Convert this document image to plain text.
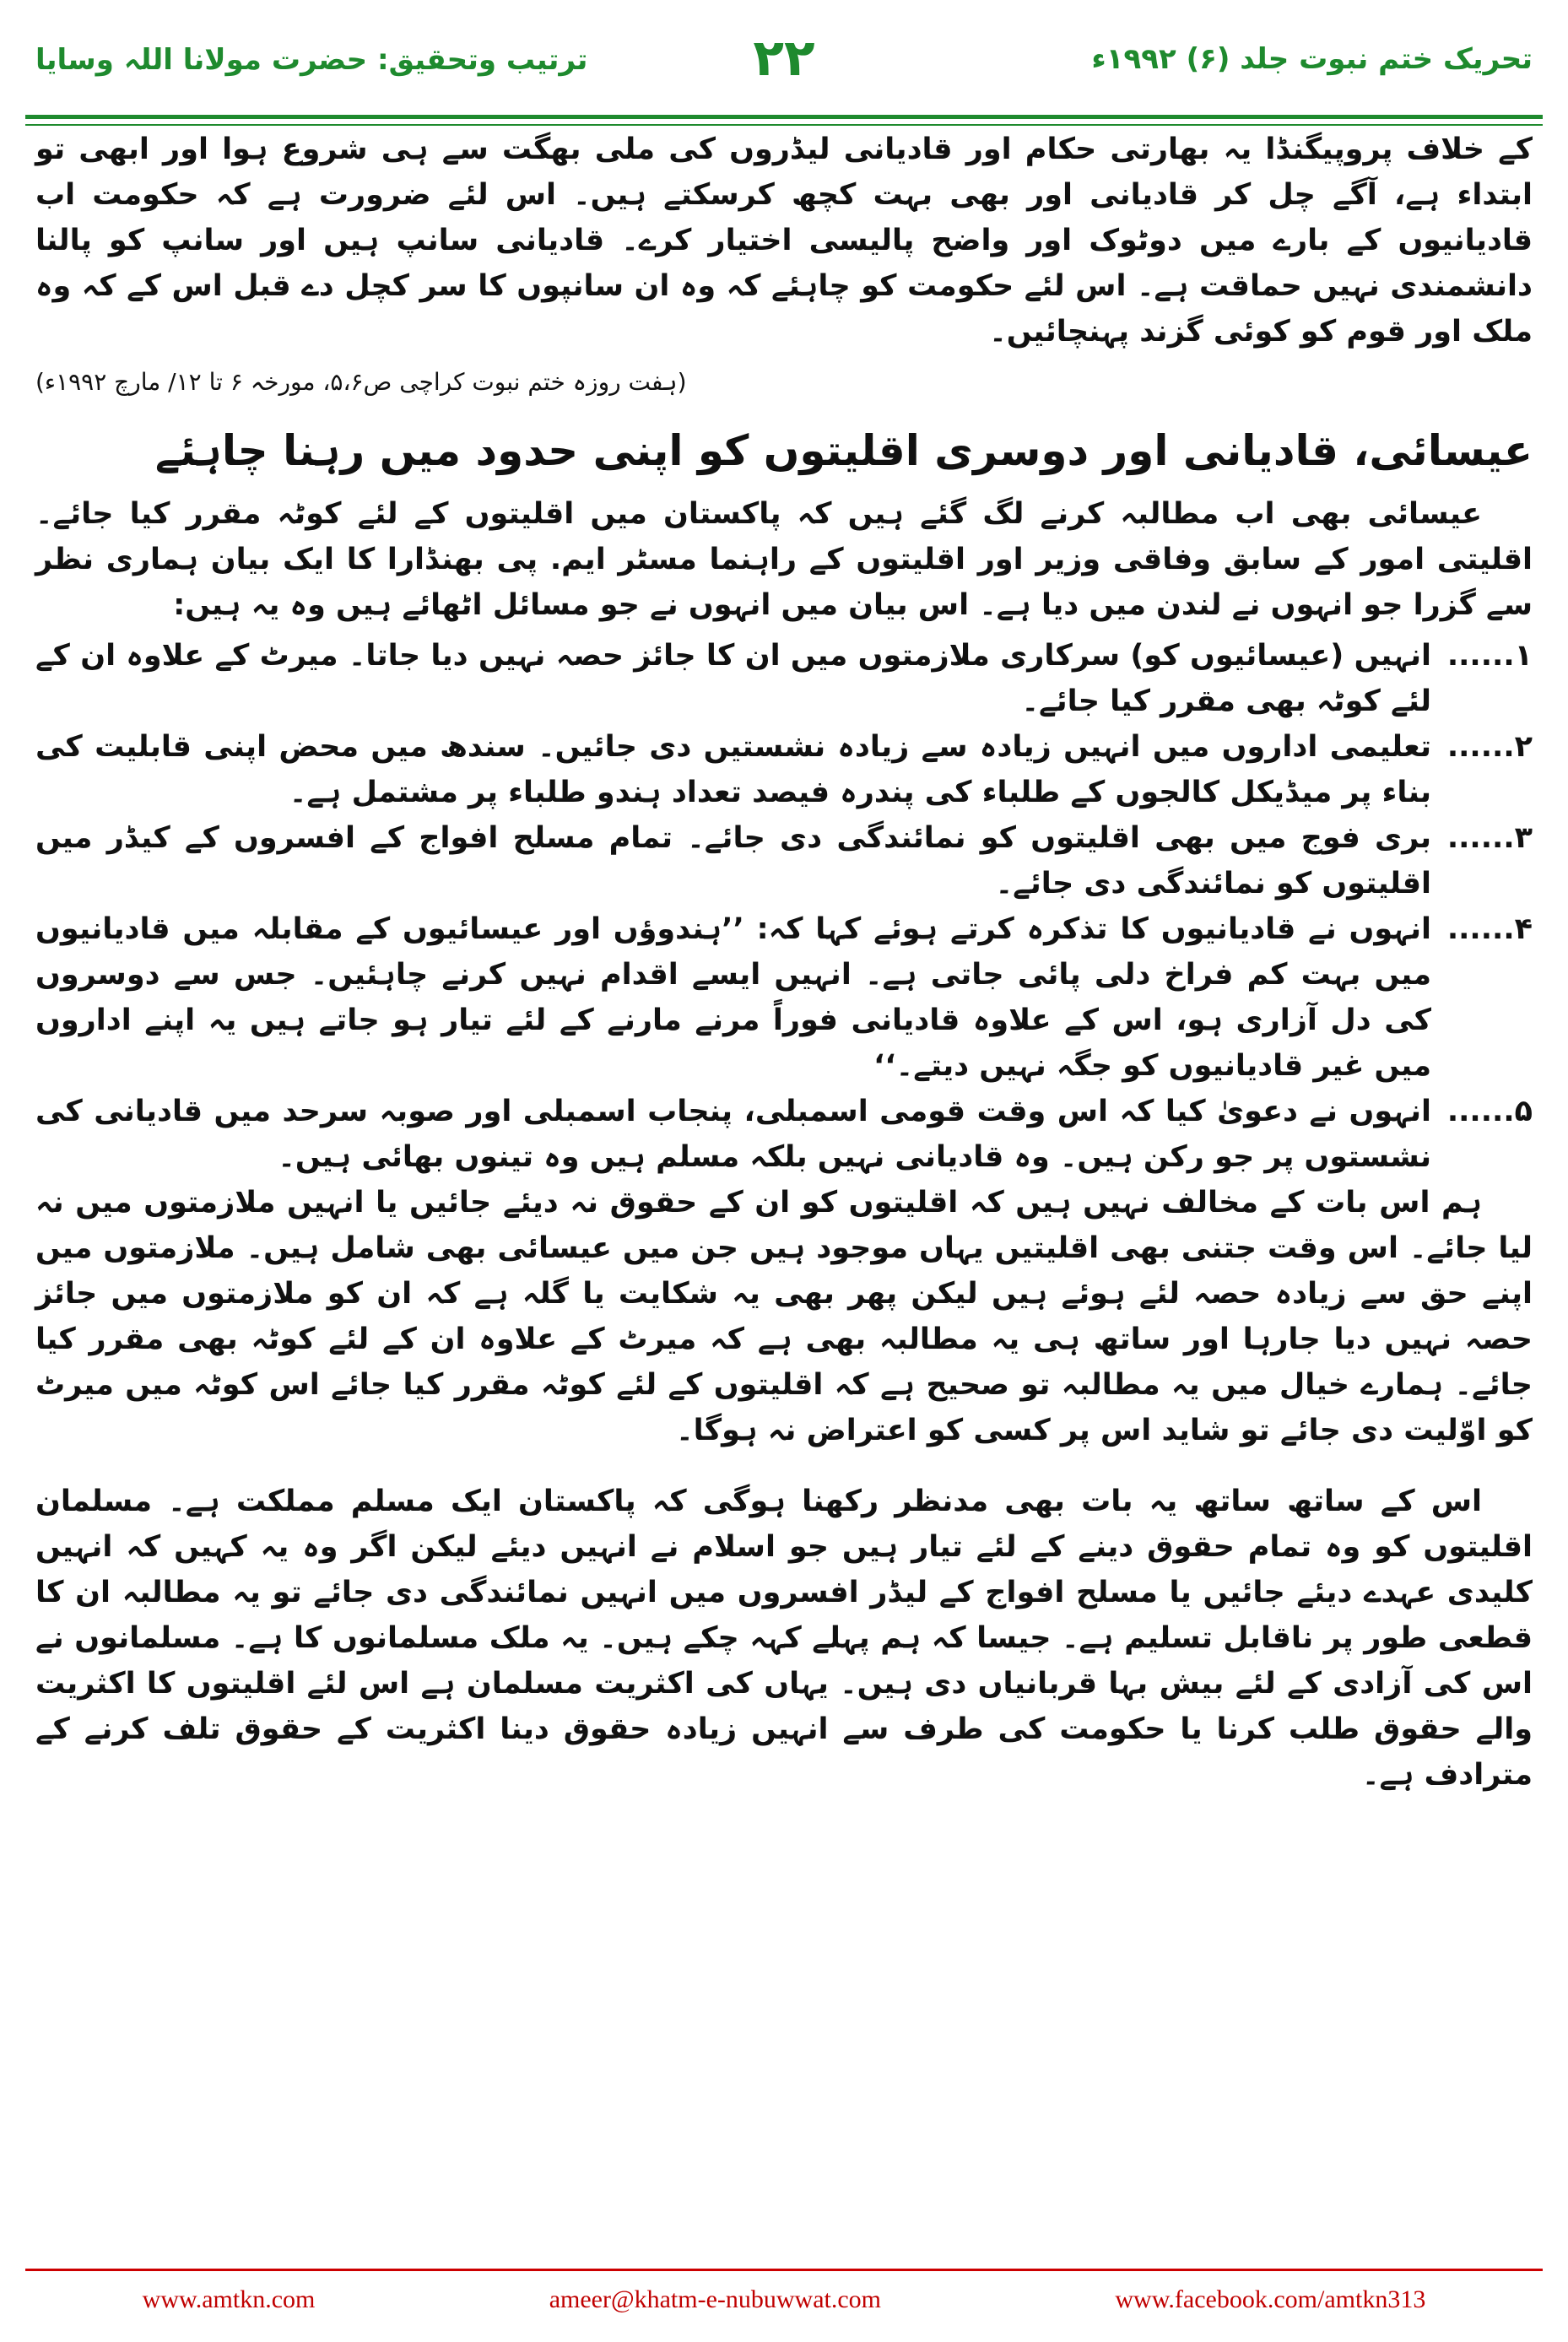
تحریک ختم نبوت جلد (۶) ۱۹۹۲ء
۲۲
ترتیب وتحقیق: حضرت مولانا اللہ وسایا

کے خلاف پروپیگنڈا یہ بھارتی حکام اور قادیانی لیڈروں کی ملی بھگت سے ہی شروع ہوا اور ابھی تو ابتداء ہے، آگے چل کر قادیانی اور بھی بہت کچھ کرسکتے ہیں۔ اس لئے ضرورت ہے کہ حکومت اب قادیانیوں کے بارے میں دوٹوک اور واضح پالیسی اختیار کرے۔ قادیانی سانپ ہیں اور سانپ کو پالنا دانشمندی نہیں حماقت ہے۔ اس لئے حکومت کو چاہئے کہ وہ ان سانپوں کا سر کچل دے قبل اس کے کہ وہ ملک اور قوم کو کوئی گزند پہنچائیں۔

(ہفت روزہ ختم نبوت کراچی ص۵،۶، مورخہ ۶ تا ۱۲/ مارچ ۱۹۹۲ء)
عیسائی، قادیانی اور دوسری اقلیتوں کو اپنی حدود میں رہنا چاہئے

عیسائی بھی اب مطالبہ کرنے لگ گئے ہیں کہ پاکستان میں اقلیتوں کے لئے کوٹہ مقرر کیا جائے۔ اقلیتی امور کے سابق وفاقی وزیر اور اقلیتوں کے راہنما مسٹر ایم. پی بھنڈارا کا ایک بیان ہماری نظر سے گزرا جو انہوں نے لندن میں دیا ہے۔ اس بیان میں انہوں نے جو مسائل اٹھائے ہیں وہ یہ ہیں:

۱......
انہیں (عیسائیوں کو) سرکاری ملازمتوں میں ان کا جائز حصہ نہیں دیا جاتا۔ میرٹ کے علاوہ ان کے لئے کوٹہ بھی مقرر کیا جائے۔
۲......
تعلیمی اداروں میں انہیں زیادہ سے زیادہ نشستیں دی جائیں۔ سندھ میں محض اپنی قابلیت کی بناء پر میڈیکل کالجوں کے طلباء کی پندرہ فیصد تعداد ہندو طلباء پر مشتمل ہے۔
۳......
بری فوج میں بھی اقلیتوں کو نمائندگی دی جائے۔ تمام مسلح افواج کے افسروں کے کیڈر میں اقلیتوں کو نمائندگی دی جائے۔
۴......
انہوں نے قادیانیوں کا تذکرہ کرتے ہوئے کہا کہ: ’’ہندوؤں اور عیسائیوں کے مقابلہ میں قادیانیوں میں بہت کم فراخ دلی پائی جاتی ہے۔ انہیں ایسے اقدام نہیں کرنے چاہئیں۔ جس سے دوسروں کی دل آزاری ہو، اس کے علاوہ قادیانی فوراً مرنے مارنے کے لئے تیار ہو جاتے ہیں یہ اپنے اداروں میں غیر قادیانیوں کو جگہ نہیں دیتے۔‘‘
۵......
انہوں نے دعویٰ کیا کہ اس وقت قومی اسمبلی، پنجاب اسمبلی اور صوبہ سرحد میں قادیانی کی نشستوں پر جو رکن ہیں۔ وہ قادیانی نہیں بلکہ مسلم ہیں وہ تینوں بھائی ہیں۔

ہم اس بات کے مخالف نہیں ہیں کہ اقلیتوں کو ان کے حقوق نہ دیئے جائیں یا انہیں ملازمتوں میں نہ لیا جائے۔ اس وقت جتنی بھی اقلیتیں یہاں موجود ہیں جن میں عیسائی بھی شامل ہیں۔ ملازمتوں میں اپنے حق سے زیادہ حصہ لئے ہوئے ہیں لیکن پھر بھی یہ شکایت یا گلہ ہے کہ ان کو ملازمتوں میں جائز حصہ نہیں دیا جارہا اور ساتھ ہی یہ مطالبہ بھی ہے کہ میرٹ کے علاوہ ان کے لئے کوٹہ بھی مقرر کیا جائے۔ ہمارے خیال میں یہ مطالبہ تو صحیح ہے کہ اقلیتوں کے لئے کوٹہ مقرر کیا جائے اس کوٹہ میں میرٹ کو اوّلیت دی جائے تو شاید اس پر کسی کو اعتراض نہ ہوگا۔

اس کے ساتھ ساتھ یہ بات بھی مدنظر رکھنا ہوگی کہ پاکستان ایک مسلم مملکت ہے۔ مسلمان اقلیتوں کو وہ تمام حقوق دینے کے لئے تیار ہیں جو اسلام نے انہیں دیئے لیکن اگر وہ یہ کہیں کہ انہیں کلیدی عہدے دیئے جائیں یا مسلح افواج کے لیڈر افسروں میں انہیں نمائندگی دی جائے تو یہ مطالبہ ان کا قطعی طور پر ناقابل تسلیم ہے۔ جیسا کہ ہم پہلے کہہ چکے ہیں۔ یہ ملک مسلمانوں کا ہے۔ مسلمانوں نے اس کی آزادی کے لئے بیش بہا قربانیاں دی ہیں۔ یہاں کی اکثریت مسلمان ہے اس لئے اقلیتوں کا اکثریت والے حقوق طلب کرنا یا حکومت کی طرف سے انہیں زیادہ حقوق دینا اکثریت کے حقوق تلف کرنے کے مترادف ہے۔

www.amtkn.com	ameer@khatm-e-nubuwwat.com	www.facebook.com/amtkn313
